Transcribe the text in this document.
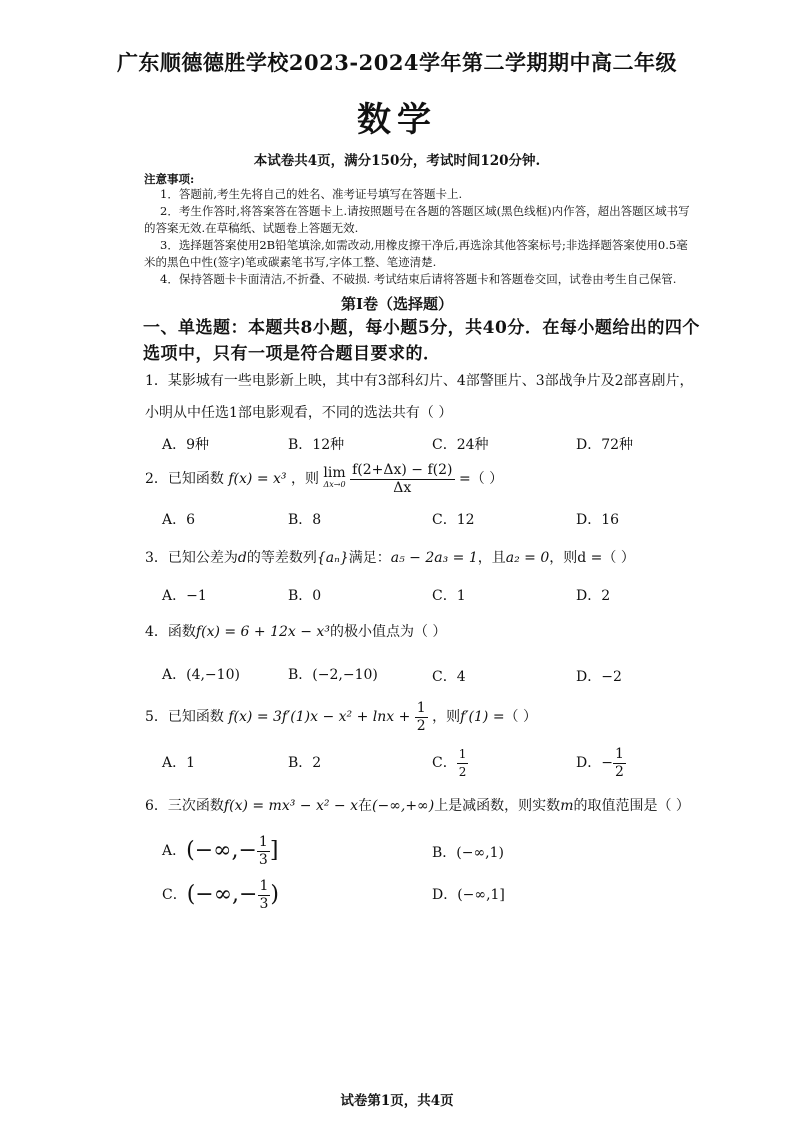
广东顺德德胜学校2023-2024学年第二学期期中高二年级
数学
本试卷共4页，满分150分，考试时间120分钟.
注意事项:

1．答题前,考生先将自己的姓名、准考证号填写在答题卡上.

2．考生作答时,将答案答在答题卡上.请按照题号在各题的答题区域(黑色线框)内作答，超出答题区域书写的答案无效.在草稿纸、试题卷上答题无效.

3．选择题答案使用2B铅笔填涂,如需改动,用橡皮擦干净后,再选涂其他答案标号;非选择题答案使用0.5毫米的黑色中性(签字)笔或碳素笔书写,字体工整、笔迹清楚.

4．保持答题卡卡面清洁,不折叠、不破损. 考试结束后请将答题卡和答题卷交回，试卷由考生自己保管.

第Ⅰ卷（选择题）
一、单选题：本题共8小题，每小题5分，共40分．在每小题给出的四个选项中，只有一项是符合题目要求的．
1．某影城有一些电影新上映，其中有3部科幻片、4部警匪片、3部战争片及2部喜剧片，小明从中任选1部电影观看，不同的选法共有（ ）
A．9种	B．12种	C．24种	D．72种
2．已知函数 f(x) = x³ ，则 lim
Δx→0
$\frac{f(2+\Delta x) - f(2)}{\Delta x}$ =（ ）
A．6	B．8	C．12	D．16
3．已知公差为d的等差数列{aₙ}满足：a₅ − 2a₃ = 1，且a₂ = 0，则d =（ ）
A．−1	B．0	C．1	D．2
4．函数f(x) = 6 + 12x − x³的极小值点为（ ）
A．(4,−10)	B．(−2,−10)	C．4	D．−2
5．已知函数 $f(x) = 3f'(1)x - x^2 + \ln x + \frac{1}{2}$ ，则f′(1) =（ ）
A．1	B．2	C． $\frac{1}{2}$	D．− $\frac{1}{2}$
6．三次函数f(x) = mx³ − x² − x在(−∞,+∞)上是减函数，则实数m的取值范围是（ ）
A．(−∞,− $\frac{1}{3}$ ]	B．(−∞,1)
C．(−∞,− $\frac{1}{3}$ )	D．(−∞,1]
试卷第1页，共4页
